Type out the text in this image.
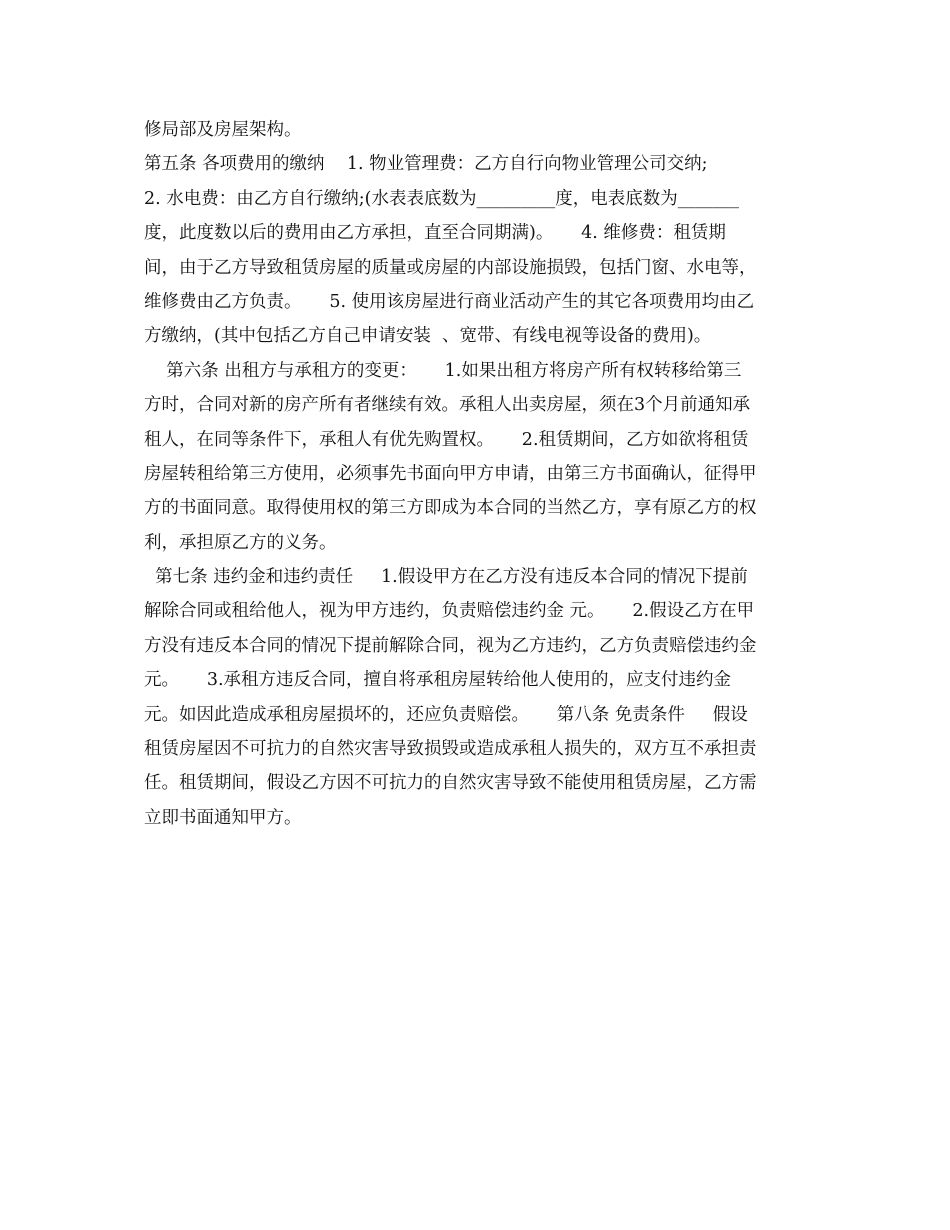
修局部及房屋架构。
第五条 各项费用的缴纳    1. 物业管理费：乙方自行向物业管理公司交纳;
2. 水电费：由乙方自行缴纳;(水表表底数为_________度，电表底数为_______
度，此度数以后的费用由乙方承担，直至合同期满)。     4. 维修费：租赁期
间，由于乙方导致租赁房屋的质量或房屋的内部设施损毁，包括门窗、水电等，
维修费由乙方负责。     5. 使用该房屋进行商业活动产生的其它各项费用均由乙
方缴纳，(其中包括乙方自己申请安装  、宽带、有线电视等设备的费用)。
第六条 出租方与承租方的变更：     1.如果出租方将房产所有权转移给第三
方时，合同对新的房产所有者继续有效。承租人出卖房屋，须在3个月前通知承
租人，在同等条件下，承租人有优先购置权。     2.租赁期间，乙方如欲将租赁
房屋转租给第三方使用，必须事先书面向甲方申请，由第三方书面确认，征得甲
方的书面同意。取得使用权的第三方即成为本合同的当然乙方，享有原乙方的权
利，承担原乙方的义务。
第七条 违约金和违约责任     1.假设甲方在乙方没有违反本合同的情况下提前
解除合同或租给他人，视为甲方违约，负责赔偿违约金 元。     2.假设乙方在甲
方没有违反本合同的情况下提前解除合同，视为乙方违约，乙方负责赔偿违约金
元。     3.承租方违反合同，擅自将承租房屋转给他人使用的，应支付违约金
元。如因此造成承租房屋损坏的，还应负责赔偿。     第八条 免责条件     假设
租赁房屋因不可抗力的自然灾害导致损毁或造成承租人损失的，双方互不承担责
任。租赁期间，假设乙方因不可抗力的自然灾害导致不能使用租赁房屋，乙方需
立即书面通知甲方。
